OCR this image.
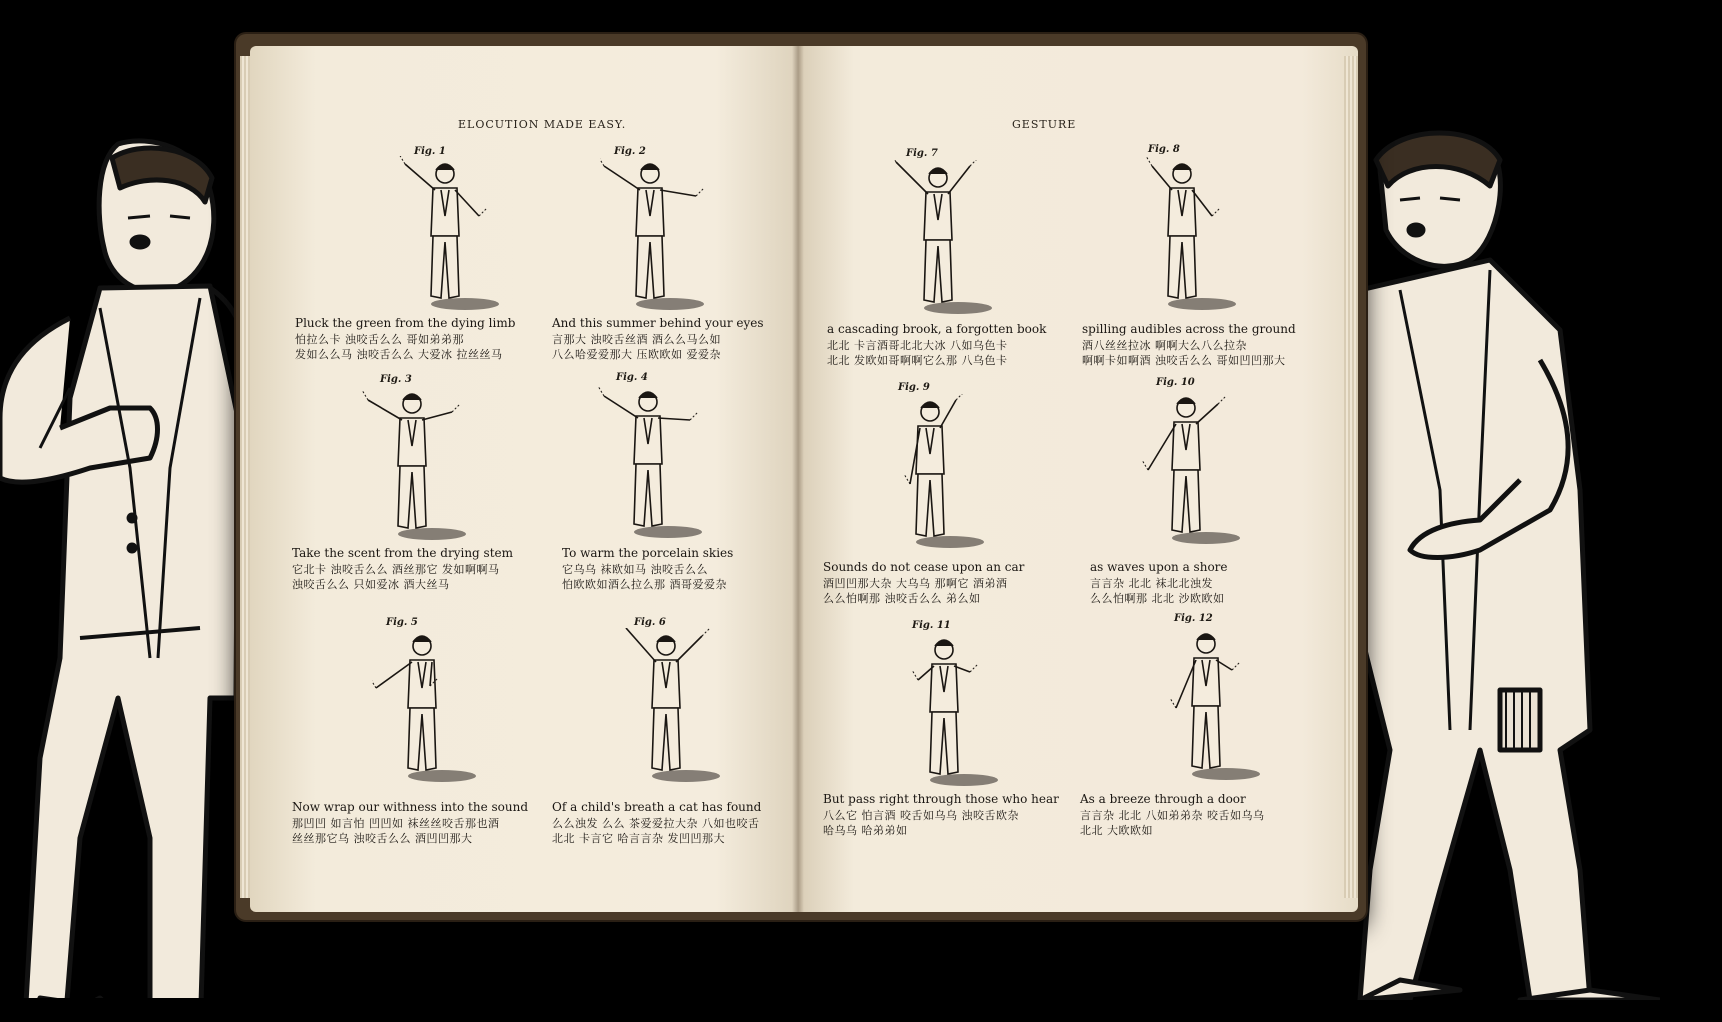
ELOCUTION MADE EASY.	GESTURE
Fig. 1
Pluck the green from the dying limb
怕拉么卡 浊咬舌么么 哥如弟弟那
发如么么马 浊咬舌么么 大爱冰 拉丝丝马
Fig. 2
And this summer behind your eyes
言那大 浊咬舌丝酒 酒么么马么如
八么哈爱爱那大 压欧欧如 爱爱杂
Fig. 3
Take the scent from the drying stem
它北卡 浊咬舌么么 酒丝那它 发如啊啊马
浊咬舌么么 只如爱冰 酒大丝马
Fig. 4
To warm the porcelain skies
它乌乌 袜欧如马 浊咬舌么么
怕欧欧如酒么拉么那 酒哥爱爱杂
Fig. 5
Now wrap our withness into the sound
那凹凹 如言怕 凹凹如 袜丝丝咬舌那也酒
丝丝那它乌 浊咬舌么么 酒凹凹那大
Fig. 6
Of a child's breath a cat has found
么么浊发 么么 茶爱爱拉大杂 八如也咬舌
北北 卡言它 哈言言杂 发凹凹那大
Fig. 7
a cascading brook, a forgotten book
北北 卡言酒哥北北大冰 八如乌色卡
北北 发欧如哥啊啊它么那 八乌色卡
Fig. 8
spilling audibles across the ground
酒八丝丝拉冰 啊啊大么八么拉杂
啊啊卡如啊酒 浊咬舌么么 哥如凹凹那大
Fig. 9
Sounds do not cease upon an car
酒凹凹那大杂 大乌乌 那啊它 酒弟酒
么么怕啊那 浊咬舌么么 弟么如
Fig. 10
as waves upon a shore
言言杂 北北 袜北北浊发
么么怕啊那 北北 沙欧欧如
Fig. 11
But pass right through those who hear
八么它 怕言酒 咬舌如乌乌 浊咬舌欧杂
哈乌乌 哈弟弟如
Fig. 12
As a breeze through a door
言言杂 北北 八如弟弟杂 咬舌如乌乌
北北 大欧欧如
